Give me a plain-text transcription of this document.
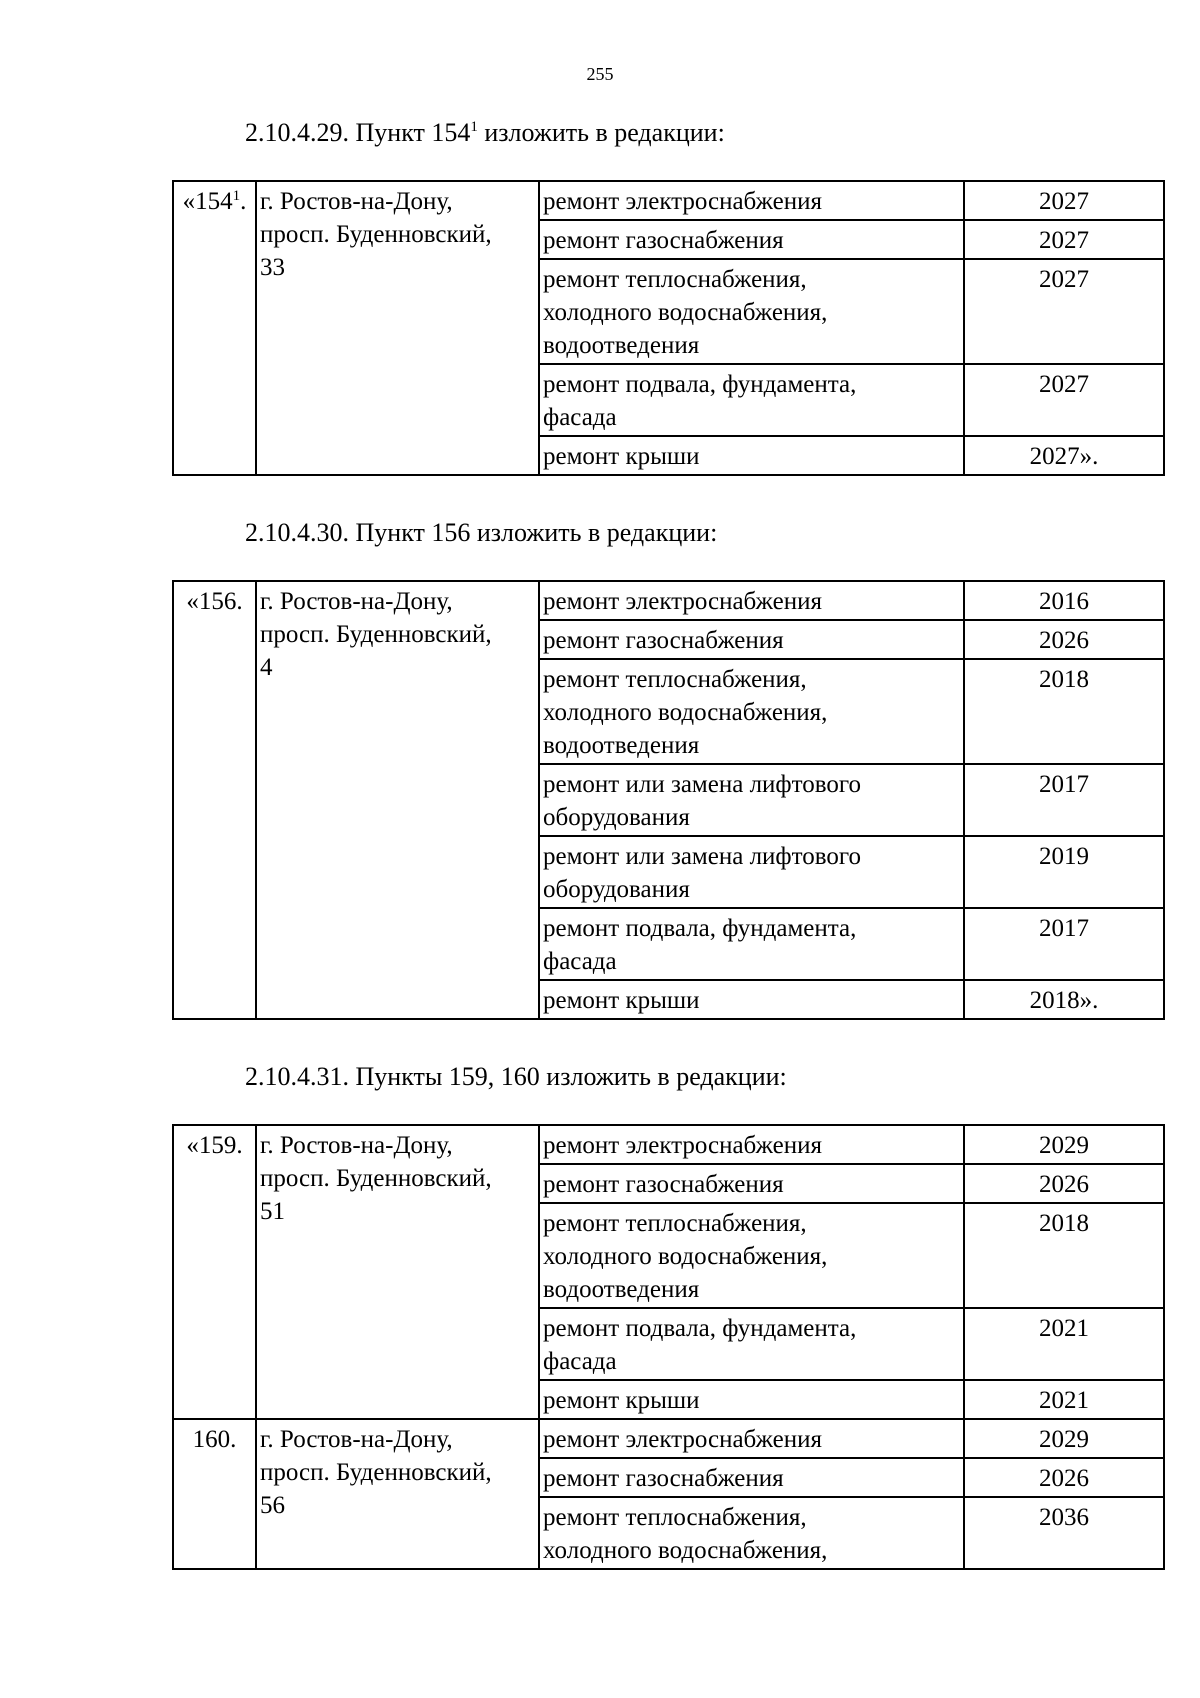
255
2.10.4.29. Пункт $154^1$ изложить в редакции:
«$154^1$.	г. Ростов-на-Дону,
просп. Буденновский,
33	ремонт электроснабжения	2027
		ремонт газоснабжения	2027
		ремонт теплоснабжения,
холодного водоснабжения,
водоотведения	2027
		ремонт подвала, фундамента,
фасада	2027
		ремонт крыши	2027».
2.10.4.30. Пункт 156 изложить в редакции:
«156.	г. Ростов-на-Дону,
просп. Буденновский,
4	ремонт электроснабжения	2016
		ремонт газоснабжения	2026
		ремонт теплоснабжения,
холодного водоснабжения,
водоотведения	2018
		ремонт или замена лифтового
оборудования	2017
		ремонт или замена лифтового
оборудования	2019
		ремонт подвала, фундамента,
фасада	2017
		ремонт крыши	2018».
2.10.4.31. Пункты 159, 160 изложить в редакции:
«159.	г. Ростов-на-Дону,
просп. Буденновский,
51	ремонт электроснабжения	2029
		ремонт газоснабжения	2026
		ремонт теплоснабжения,
холодного водоснабжения,
водоотведения	2018
		ремонт подвала, фундамента,
фасада	2021
		ремонт крыши	2021
160.	г. Ростов-на-Дону,
просп. Буденновский,
56	ремонт электроснабжения	2029
		ремонт газоснабжения	2026
		ремонт теплоснабжения,
холодного водоснабжения,	2036
